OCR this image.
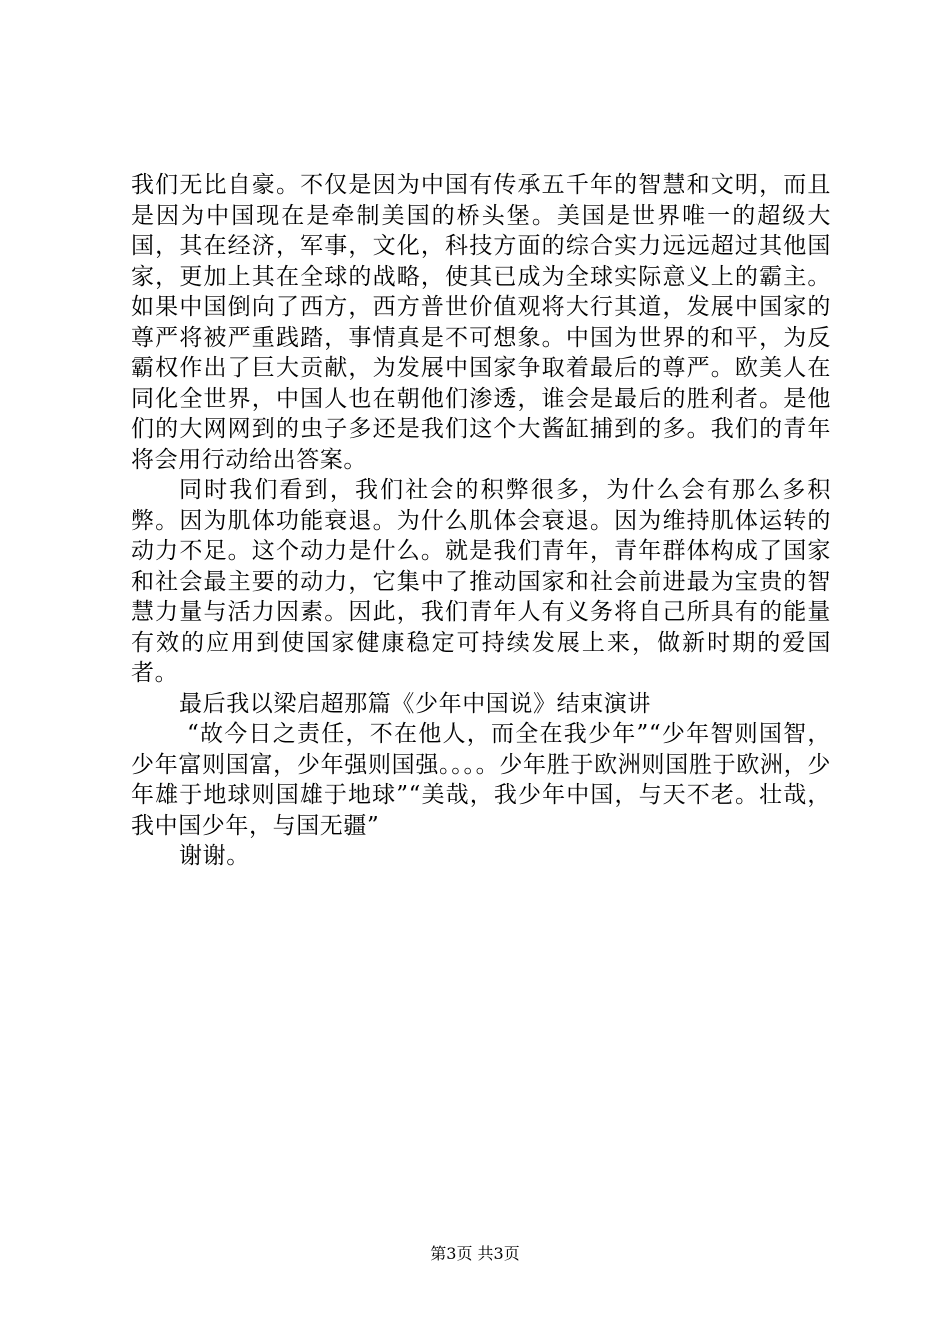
我们无比自豪。不仅是因为中国有传承五千年的智慧和文明，而且是因为中国现在是牵制美国的桥头堡。美国是世界唯一的超级大国，其在经济，军事，文化，科技方面的综合实力远远超过其他国家，更加上其在全球的战略，使其已成为全球实际意义上的霸主。如果中国倒向了西方，西方普世价值观将大行其道，发展中国家的尊严将被严重践踏，事情真是不可想象。中国为世界的和平，为反霸权作出了巨大贡献，为发展中国家争取着最后的尊严。欧美人在同化全世界，中国人也在朝他们渗透，谁会是最后的胜利者。是他们的大网网到的虫子多还是我们这个大酱缸捕到的多。我们的青年将会用行动给出答案。

同时我们看到，我们社会的积弊很多，为什么会有那么多积弊。因为肌体功能衰退。为什么肌体会衰退。因为维持肌体运转的动力不足。这个动力是什么。就是我们青年，青年群体构成了国家和社会最主要的动力，它集中了推动国家和社会前进最为宝贵的智慧力量与活力因素。因此，我们青年人有义务将自己所具有的能量有效的应用到使国家健康稳定可持续发展上来，做新时期的爱国者。

最后我以梁启超那篇《少年中国说》结束演讲

“故今日之责任，不在他人，而全在我少年”“少年智则国智，少年富则国富，少年强则国强。。。。少年胜于欧洲则国胜于欧洲，少年雄于地球则国雄于地球”“美哉，我少年中国，与天不老。壮哉，我中国少年，与国无疆”

谢谢。

第3页 共3页
